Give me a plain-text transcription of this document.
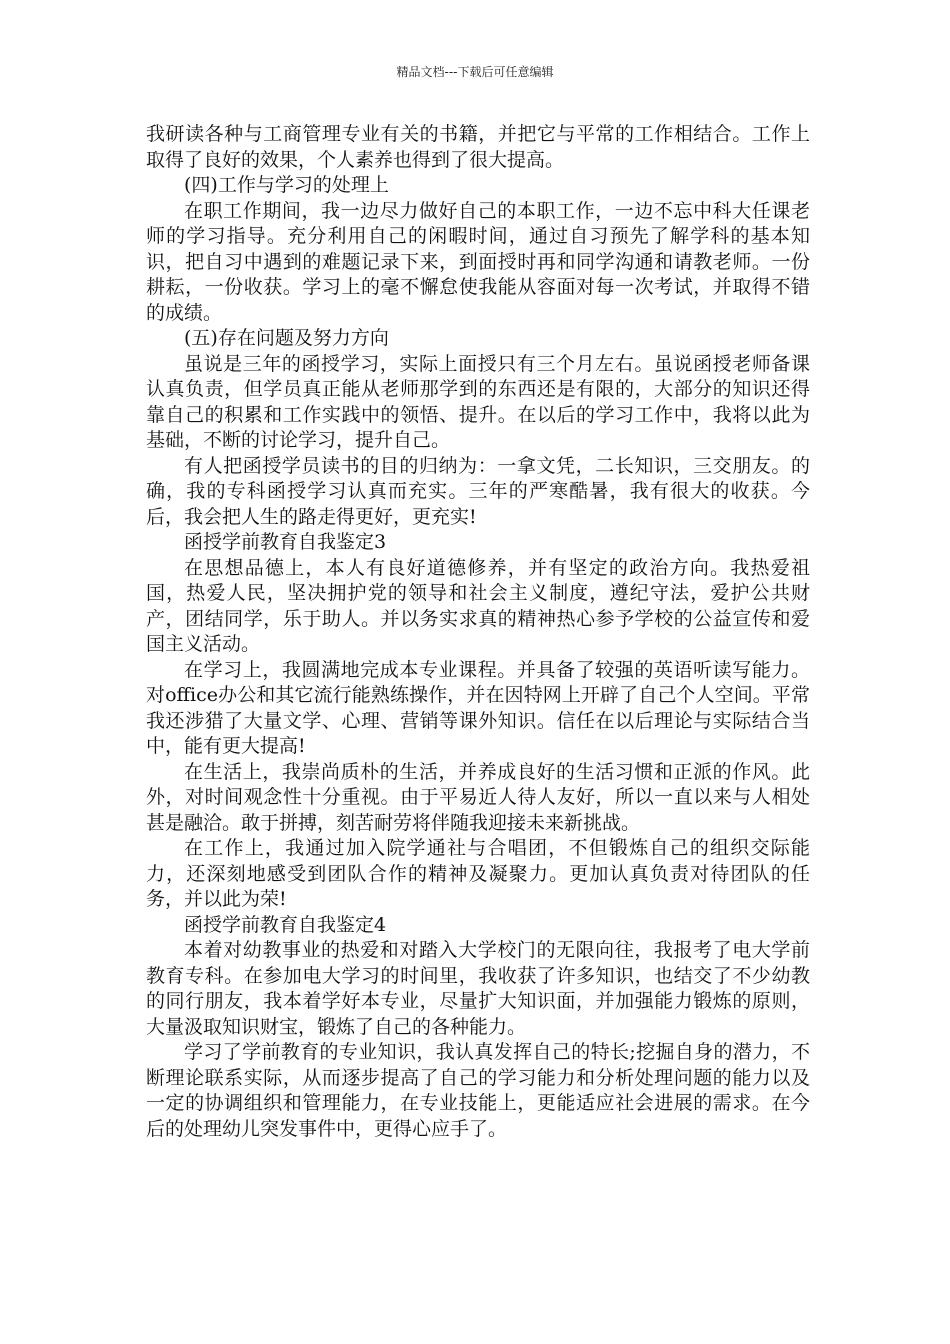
精品文档---下载后可任意编辑

我研读各种与工商管理专业有关的书籍，并把它与平常的工作相结合。工作上取得了良好的效果，个人素养也得到了很大提高。

(四)工作与学习的处理上

在职工作期间，我一边尽力做好自己的本职工作，一边不忘中科大任课老师的学习指导。充分利用自己的闲暇时间，通过自习预先了解学科的基本知识，把自习中遇到的难题记录下来，到面授时再和同学沟通和请教老师。一份耕耘，一份收获。学习上的毫不懈怠使我能从容面对每一次考试，并取得不错的成绩。

(五)存在问题及努力方向

虽说是三年的函授学习，实际上面授只有三个月左右。虽说函授老师备课认真负责，但学员真正能从老师那学到的东西还是有限的，大部分的知识还得靠自己的积累和工作实践中的领悟、提升。在以后的学习工作中，我将以此为基础，不断的讨论学习，提升自己。

有人把函授学员读书的目的归纳为：一拿文凭，二长知识，三交朋友。的确，我的专科函授学习认真而充实。三年的严寒酷暑，我有很大的收获。今后，我会把人生的路走得更好，更充实!

函授学前教育自我鉴定3

在思想品德上，本人有良好道德修养，并有坚定的政治方向。我热爱祖国，热爱人民，坚决拥护党的领导和社会主义制度，遵纪守法，爱护公共财产，团结同学，乐于助人。并以务实求真的精神热心参予学校的公益宣传和爱国主义活动。

在学习上，我圆满地完成本专业课程。并具备了较强的英语听读写能力。对office办公和其它流行能熟练操作，并在因特网上开辟了自己个人空间。平常我还涉猎了大量文学、心理、营销等课外知识。信任在以后理论与实际结合当中，能有更大提高!

在生活上，我崇尚质朴的生活，并养成良好的生活习惯和正派的作风。此外，对时间观念性十分重视。由于平易近人待人友好，所以一直以来与人相处甚是融洽。敢于拼搏，刻苦耐劳将伴随我迎接未来新挑战。

在工作上，我通过加入院学通社与合唱团，不但锻炼自己的组织交际能力，还深刻地感受到团队合作的精神及凝聚力。更加认真负责对待团队的任务，并以此为荣!

函授学前教育自我鉴定4

本着对幼教事业的热爱和对踏入大学校门的无限向往，我报考了电大学前教育专科。在参加电大学习的时间里，我收获了许多知识，也结交了不少幼教的同行朋友，我本着学好本专业，尽量扩大知识面，并加强能力锻炼的原则，大量汲取知识财宝，锻炼了自己的各种能力。

学习了学前教育的专业知识，我认真发挥自己的特长;挖掘自身的潜力，不断理论联系实际，从而逐步提高了自己的学习能力和分析处理问题的能力以及一定的协调组织和管理能力，在专业技能上，更能适应社会进展的需求。在今后的处理幼儿突发事件中，更得心应手了。
